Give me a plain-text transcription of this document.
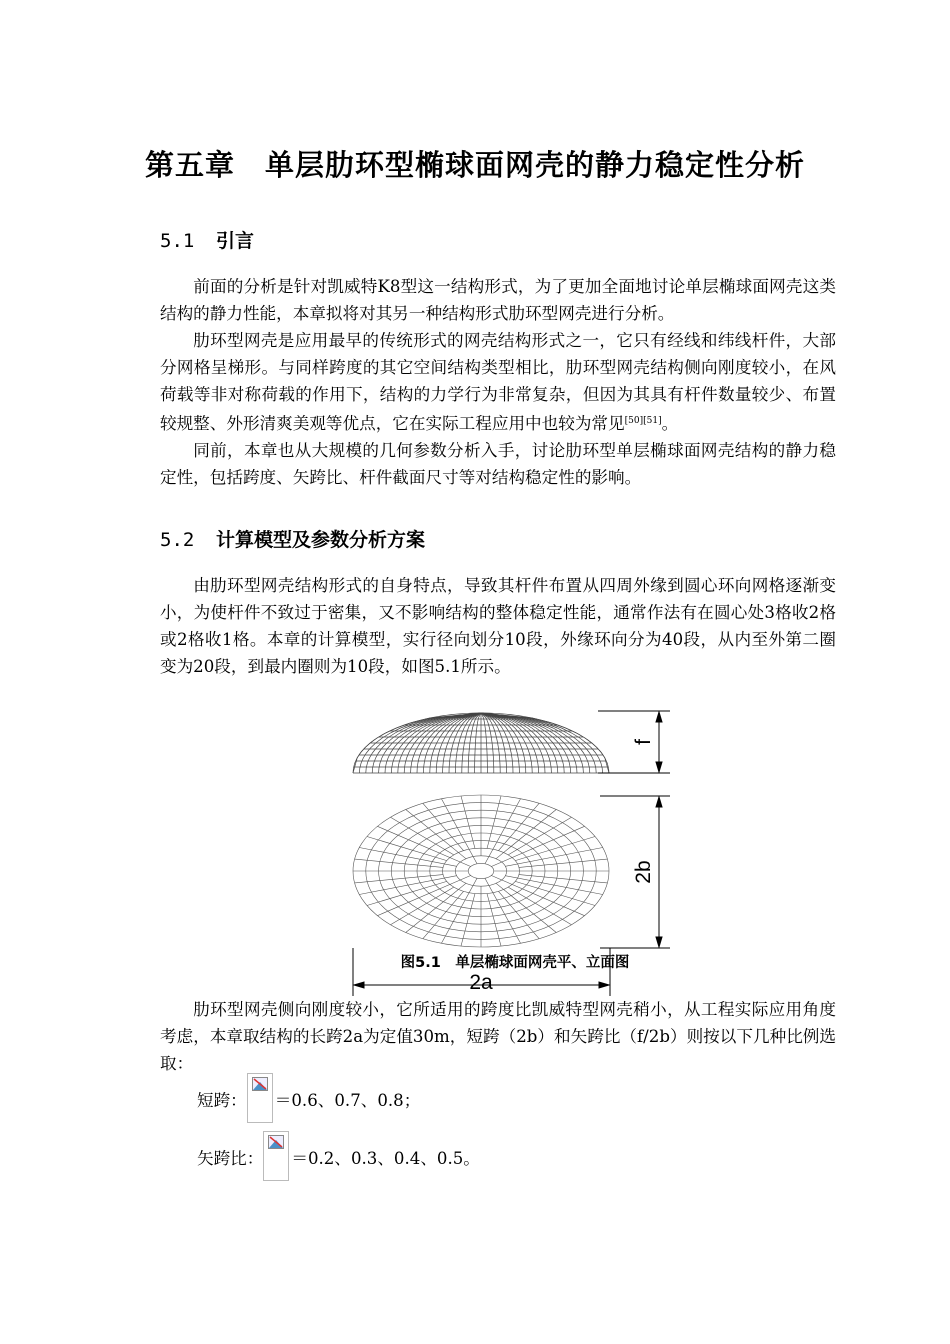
第五章　单层肋环型椭球面网壳的静力稳定性分析
5.1 引言

前面的分析是针对凯威特K8型这一结构形式，为了更加全面地讨论单层椭球面网壳这类结构的静力性能，本章拟将对其另一种结构形式肋环型网壳进行分析。

肋环型网壳是应用最早的传统形式的网壳结构形式之一，它只有经线和纬线杆件，大部分网格呈梯形。与同样跨度的其它空间结构类型相比，肋环型网壳结构侧向刚度较小，在风荷载等非对称荷载的作用下，结构的力学行为非常复杂，但因为其具有杆件数量较少、布置较规整、外形清爽美观等优点，它在实际工程应用中也较为常见[50][51]。

同前，本章也从大规模的几何参数分析入手，讨论肋环型单层椭球面网壳结构的静力稳定性，包括跨度、矢跨比、杆件截面尺寸等对结构稳定性的影响。

5.2 计算模型及参数分析方案

由肋环型网壳结构形式的自身特点，导致其杆件布置从四周外缘到圆心环向网格逐渐变小，为使杆件不致过于密集，又不影响结构的整体稳定性能，通常作法有在圆心处3格收2格或2格收1格。本章的计算模型，实行径向划分10段，外缘环向分为40段，从内至外第二圈变为20段，到最内圈则为10段，如图5.1所示。

f
2b
2a
图5.1　单层椭球面网壳平、立面图

肋环型网壳侧向刚度较小，它所适用的跨度比凯威特型网壳稍小，从工程实际应用角度考虑，本章取结构的长跨2a为定值30m，短跨（2b）和矢跨比（f/2b）则按以下几种比例选取：

短跨： ＝0.6、0.7、0.8；
矢跨比： ＝0.2、0.3、0.4、0.5。
